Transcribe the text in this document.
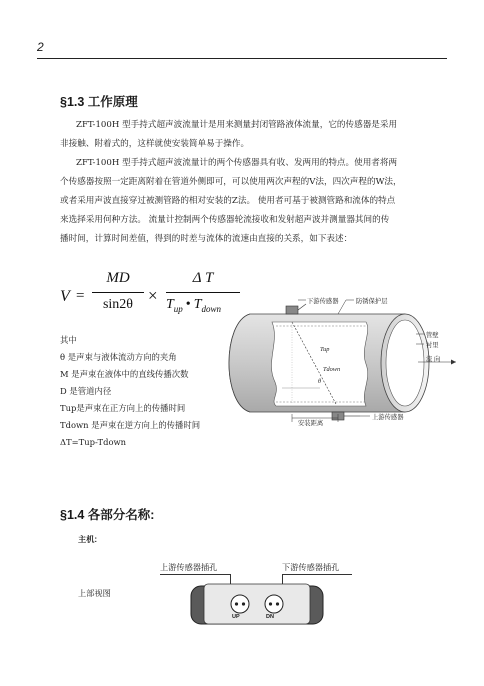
2
§1.3 工作原理
ZFT-100H 型手持式超声波流量计是用来测量封闭管路液体流量，它的传感器是采用
非接触、附着式的，这样就使安装简单易于操作。
ZFT-100H 型手持式超声波流量计的两个传感器具有收、发两用的特点。使用者将两
个传感器按照一定距离附着在管道外侧即可，可以使用两次声程的V法，四次声程的W法，
或者采用声波直接穿过被测管路的相对安装的Z法。 使用者可基于被测管路和流体的特点
来选择采用何种方法。 流量计控制两个传感器轮流接收和发射超声波并测量器其间的传
播时间，计算时间差值，得到的时差与流体的流速由直接的关系，如下表述：
V =
MD
sin2θ ×
Δ T
$T_{up}$ • $T_{down}$
其中
θ 是声束与液体流动方向的夹角
M 是声束在液体中的直线传播次数
D 是管道内径
Tup是声束在正方向上的传播时间
Tdown 是声束在逆方向上的传播时间
ΔT=Tup-Tdown
下游传感器	防锈保护层
管壁
衬里
流 向
上游传感器
安装距离
Tup
Tdown
θ
§1.4 各部分名称:
主机:
上游传感器插孔	下游传感器插孔
上部视图
UP	DN
